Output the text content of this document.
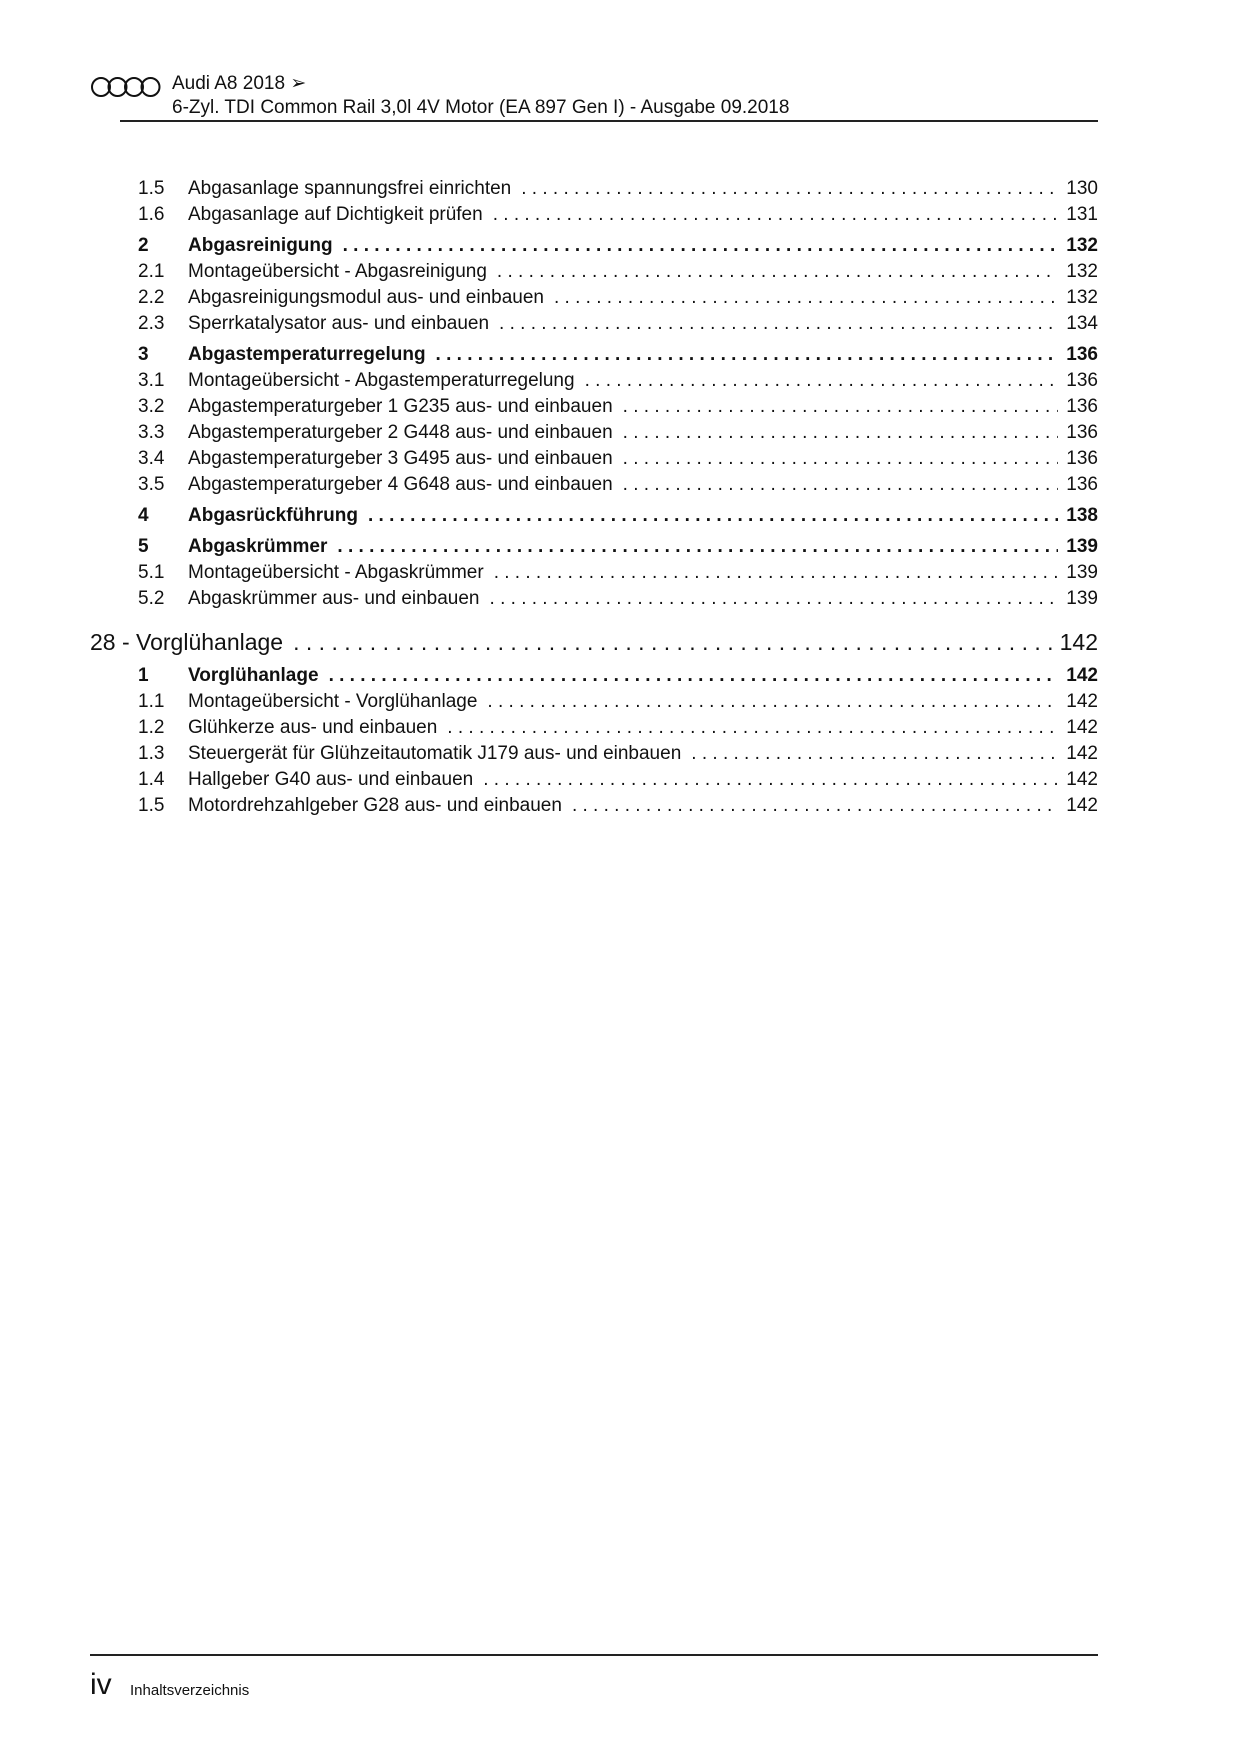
Audi A8 2018 ➢
6-Zyl. TDI Common Rail 3,0l 4V Motor (EA 897 Gen I) - Ausgabe 09.2018
1.5	Abgasanlage spannungsfrei einrichten . . .	130
1.6	Abgasanlage auf Dichtigkeit prüfen . . .	131
2	Abgasreinigung . . .	132
2.1	Montageübersicht - Abgasreinigung . . .	132
2.2	Abgasreinigungsmodul aus- und einbauen . . .	132
2.3	Sperrkatalysator aus- und einbauen . . .	134
3	Abgastemperaturregelung . . .	136
3.1	Montageübersicht - Abgastemperaturregelung . . .	136
3.2	Abgastemperaturgeber 1 G235 aus- und einbauen . . .	136
3.3	Abgastemperaturgeber 2 G448 aus- und einbauen . . .	136
3.4	Abgastemperaturgeber 3 G495 aus- und einbauen . . .	136
3.5	Abgastemperaturgeber 4 G648 aus- und einbauen . . .	136
4	Abgasrückführung . . .	138
5	Abgaskrümmer . . .	139
5.1	Montageübersicht - Abgaskrümmer . . .	139
5.2	Abgaskrümmer aus- und einbauen . . .	139
28 - Vorglühanlage . . .	142
1	Vorglühanlage . . .	142
1.1	Montageübersicht - Vorglühanlage . . .	142
1.2	Glühkerze aus- und einbauen . . .	142
1.3	Steuergerät für Glühzeitautomatik J179 aus- und einbauen . . .	142
1.4	Hallgeber G40 aus- und einbauen . . .	142
1.5	Motordrehzahlgeber G28 aus- und einbauen . . .	142
iv Inhaltsverzeichnis
